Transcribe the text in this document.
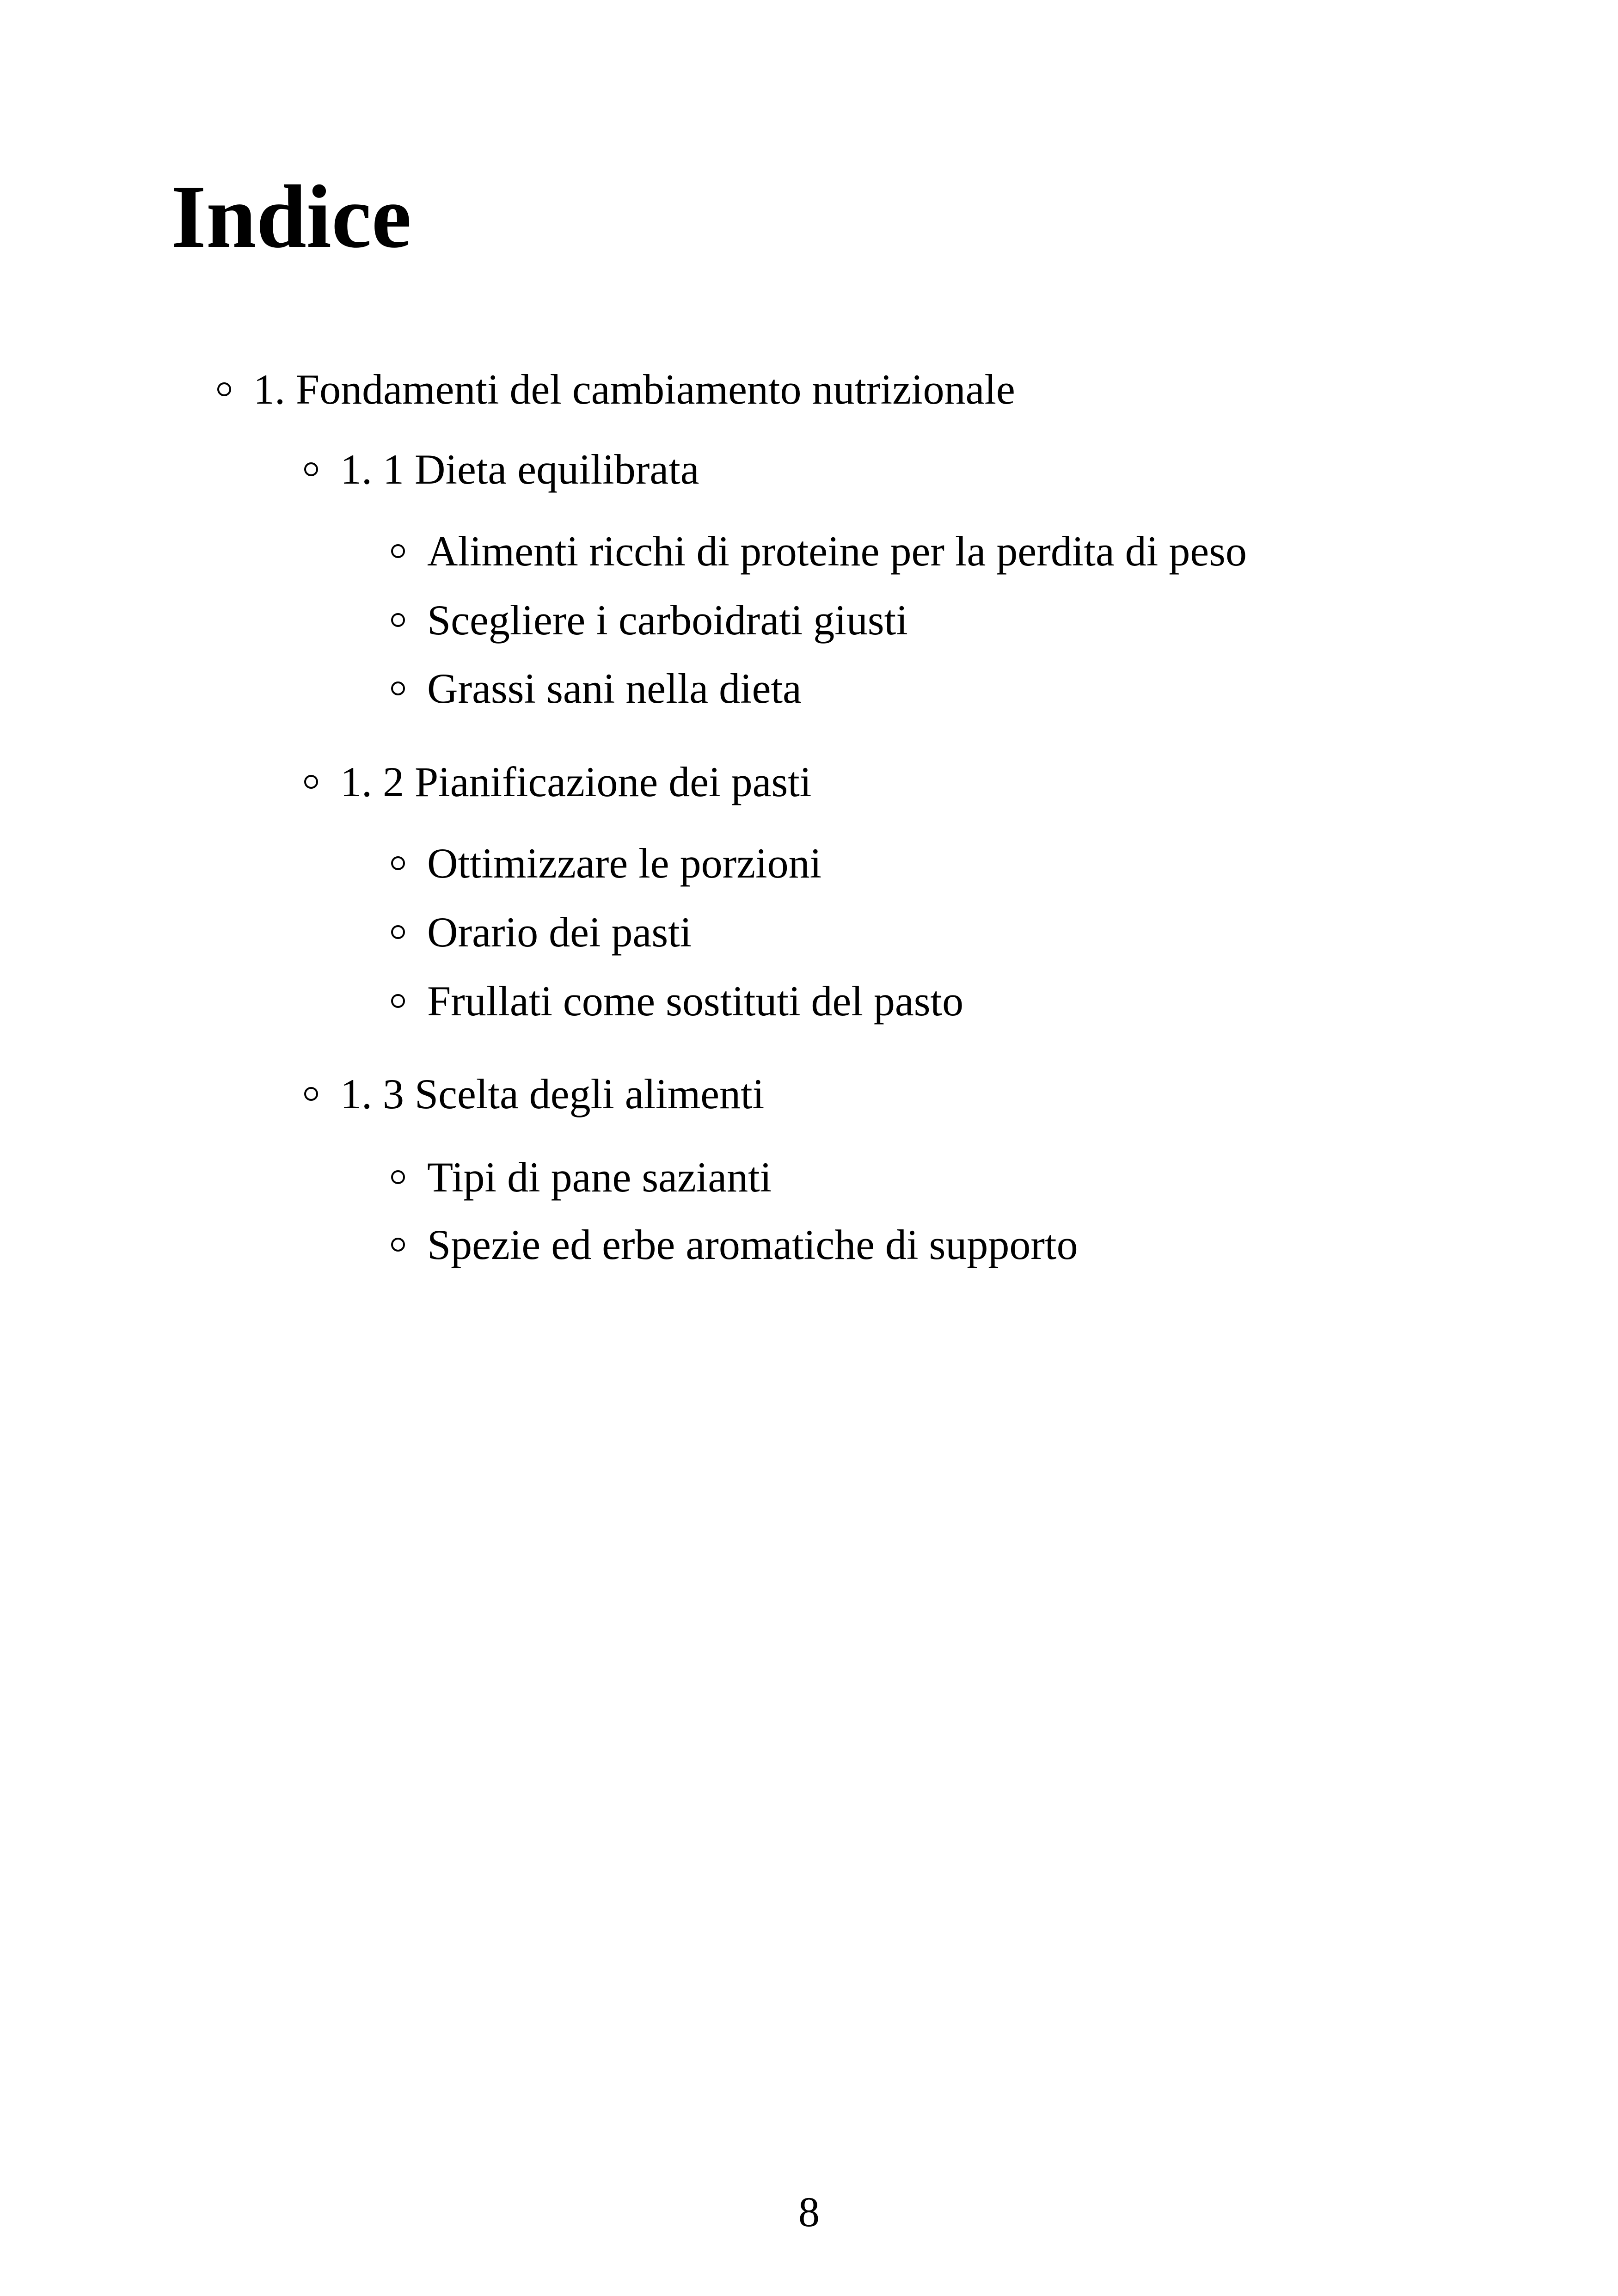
Indice
1. Fondamenti del cambiamento nutrizionale
1. 1 Dieta equilibrata
Alimenti ricchi di proteine per la perdita di peso
Scegliere i carboidrati giusti
Grassi sani nella dieta
1. 2 Pianificazione dei pasti
Ottimizzare le porzioni
Orario dei pasti
Frullati come sostituti del pasto
1. 3 Scelta degli alimenti
Tipi di pane sazianti
Spezie ed erbe aromatiche di supporto
8
